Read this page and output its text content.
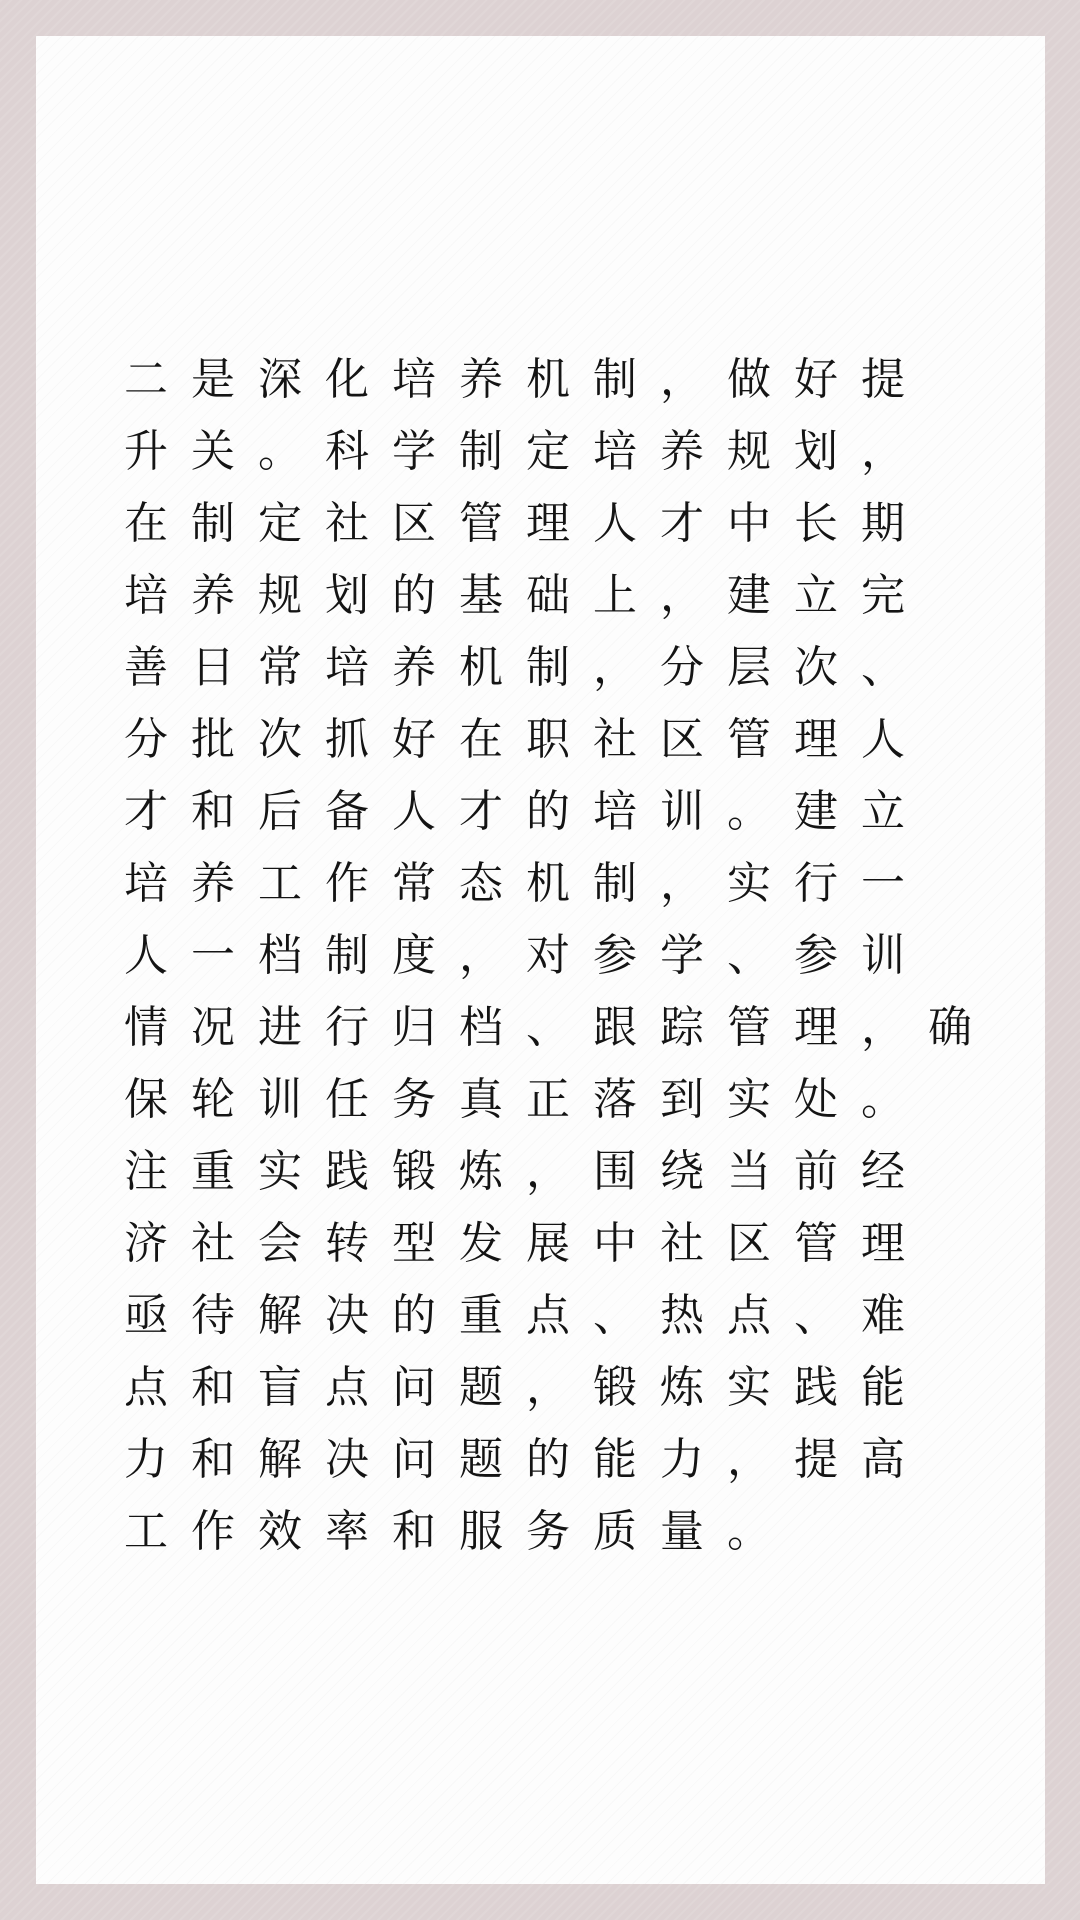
二是深化培养机制，做好提
升关。科学制定培养规划，
在制定社区管理人才中长期
培养规划的基础上，建立完
善日常培养机制，分层次、
分批次抓好在职社区管理人
才和后备人才的培训。建立
培养工作常态机制，实行一
人一档制度，对参学、参训
情况进行归档、跟踪管理，确
保轮训任务真正落到实处。
注重实践锻炼，围绕当前经
济社会转型发展中社区管理
亟待解决的重点、热点、难
点和盲点问题，锻炼实践能
力和解决问题的能力，提高
工作效率和服务质量。
